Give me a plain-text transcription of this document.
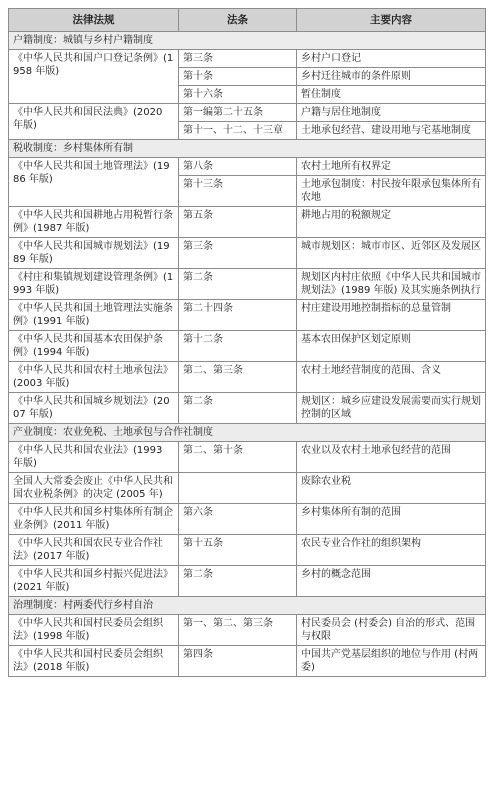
法律法规	法条	主要内容
户籍制度：城镇与乡村户籍制度		
《中华人民共和国户口登记条例》(1958 年版)	第三条	乡村户口登记
	第十条	乡村迁往城市的条件原则
	第十六条	暂住制度
《中华人民共和国民法典》(2020 年版)	第一编第二十五条	户籍与居住地制度
	第十一、十二、十三章	土地承包经营、建设用地与宅基地制度
税收制度：乡村集体所有制		
《中华人民共和国土地管理法》(1986 年版)	第八条	农村土地所有权界定
	第十三条	土地承包制度：村民按年限承包集体所有农地
《中华人民共和国耕地占用税暂行条例》(1987 年版)	第五条	耕地占用的税额规定
《中华人民共和国城市规划法》(1989 年版)	第三条	城市规划区：城市市区、近邻区及发展区
《村庄和集镇规划建设管理条例》(1993 年版)	第二条	规划区内村庄依照《中华人民共和国城市规划法》(1989 年版) 及其实施条例执行
《中华人民共和国土地管理法实施条例》(1991 年版)	第二十四条	村庄建设用地控制指标的总量管制
《中华人民共和国基本农田保护条例》(1994 年版)	第十二条	基本农田保护区划定原则
《中华人民共和国农村土地承包法》(2003 年版)	第二、第三条	农村土地经营制度的范围、含义
《中华人民共和国城乡规划法》(2007 年版)	第二条	规划区：城乡应建设发展需要而实行规划控制的区域
产业制度：农业免税、土地承包与合作社制度		
《中华人民共和国农业法》(1993 年版)	第二、第十条	农业以及农村土地承包经营的范围
全国人大常委会废止《中华人民共和国农业税条例》的决定 (2005 年)		废除农业税
《中华人民共和国乡村集体所有制企业条例》(2011 年版)	第六条	乡村集体所有制的范围
《中华人民共和国农民专业合作社法》(2017 年版)	第十五条	农民专业合作社的组织架构
《中华人民共和国乡村振兴促进法》(2021 年版)	第二条	乡村的概念范围
治理制度：村两委代行乡村自治		
《中华人民共和国村民委员会组织法》(1998 年版)	第一、第二、第三条	村民委员会 (村委会) 自治的形式、范围与权限
《中华人民共和国村民委员会组织法》(2018 年版)	第四条	中国共产党基层组织的地位与作用 (村两委)
